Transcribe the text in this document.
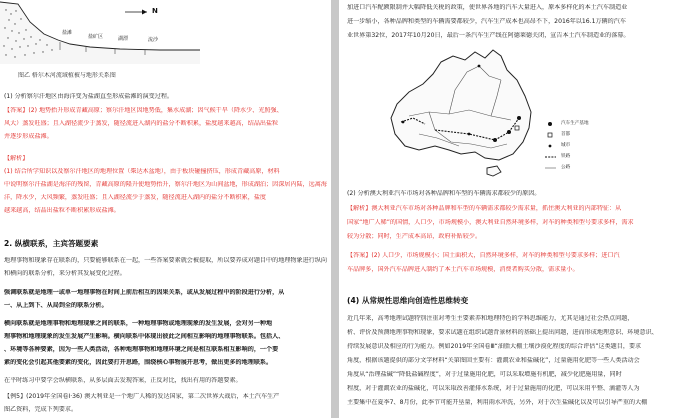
N
盐滩
盐矿区	湖漂	流沙
图乙 格尔木河流域植被与地形关系图
(1) 分析察尔汗地区由海洋变为盐湖直至形成盐滩的演变过程。
【答案】(2) 地势抬升形成青藏高原；察尔汗地区因地势低，集水成湖；因气候干旱（降水少、光照强、
风大）蒸发旺盛；且入湖径流少于蒸发，随径流进入湖内的盐分不断积累，盐度越来越高，结晶出盐粒
并逐步形成盐滩。
【解析】
(1) 结合所学知识以及察尔汗地区的地理位置（柴达木盆地），由于板块碰撞挤压，形成青藏高原，材料
中说明察尔汗盐湖是海洋的残留，青藏高原的隆升使地势抬升，察尔汗地区为山间盆地，形成湖泊；因深居内陆，远离海
洋，降水少，大风频繁，蒸发旺盛；且入湖径流少于蒸发，随径流进入湖内的盐分不断积累，盐度
越来越高，结晶出盐粒不断积累形成盐滩。
2. 纵横联系，主宾答题要素
地理事物和现象存在联系的，只要能够联系在一起，一些答案要素就会被提取，所以要养成对题目中的地理物象进行纵向
和横向的联系分析，来分析其发展变化过程。
强调联系就是地理一或单一地理事物在时间上前后相互的因果关系，或从发展过程中的阶段进行分析，从
一、从上到下、从局到全的联系分析。
横向联系就是地理事物和地理现象之间的联系，一种地理事物或地理现象的发生发展，会对另一种地
理事物和地理现象的发生发展产生影响。横向联系中体现出彼此之间相互影响的地理事物联系。包括人、
、环境等各种要素，因为一些人类活动，各种地理事物和地理环境之间是相互联系相互影响的，一个要
素的变化会引起其他要素的变化，因此要打开思路，围绕核心事物展开思考，做出更多的地理联系。
在平时练习中要学会纵横联系，从多层面去发现答案，正反对比，找出有用的答题要素。
【例5】(2019年全国卷Ⅰ·36) 澳大利亚是一个地广人稀的发达国家，第二次世界大战后，本土汽车生产
图乙资料，完成下列要求。
加进口汽车配额限制并大幅降低关税的政策，使世界各地的汽车大量进入，原本多样化的本土汽车制造业
进一步缩小，各种品牌和类型的车辆需要都较少，汽车生产成本也高昂不下，2016年以16.1万辆的汽车
业世界第32位，2017年10月20日，最后一条汽车生产线在阿德莱德关闭，宣告本土汽车制造业的落幕。
汽车生产基地
首都
城市
铁路
公路
(2) 分析澳大利亚汽车市场对各种品牌和车型的车辆需求都较少的原因。
【解析】澳大利亚汽车市场对各种品牌和车型的车辆需求都较少需求量，抓住澳大利亚的内部特征：从
国家“地广人稀”的国情，人口少，市场规模小，澳大利亚自然环境多样，对车的种类和型号要求多样，需求
较为分散；同时，生产成本高昂，政府补贴较少。
【答案】(2) 人口少，市场规模小；国土面积大，自然环境多样，对车的种类和型号要求多样；进口汽
车品牌多，国外汽车品牌进入制约了本土汽车市场规模，消费者购买分散，需求量小。
(4) 从常规性思维向创造性思维转变
近几年来，高考地理试题特别注重对考生主要素养和地理特色的学科思维能力，尤其是通过社会热点问题，
析、评价及预测地理事物和现象，要求试题在组织试题背景材料的基础上提出问题，进而形成地理意识、环境意识、
持续发展意识及相应的行为能力。例如2019年全国卷Ⅲ“油脂大棚土壤沙漠化程度的综合评估”这类题目，要求
角度，根据该题提供的部分文字材料“关第图回主要有：灌溉农业和盐碱化”，过量施用化肥等一些人类活动会
角度从“治理盐碱”“降低盐碱程度”，对于过量施用化肥，可以采取增施有机肥，减少化肥施用量，同时
程度，对于灌溉农业的盐碱化，可以采取改善灌排水系统，对于过量施用的化肥，可以采用平整、滴灌等人为
主要集中在夏季7、8月份，此季节可能开垦量，利用雨水冲洗，另外，对于次生盐碱化以及可以引导严重的大棚
